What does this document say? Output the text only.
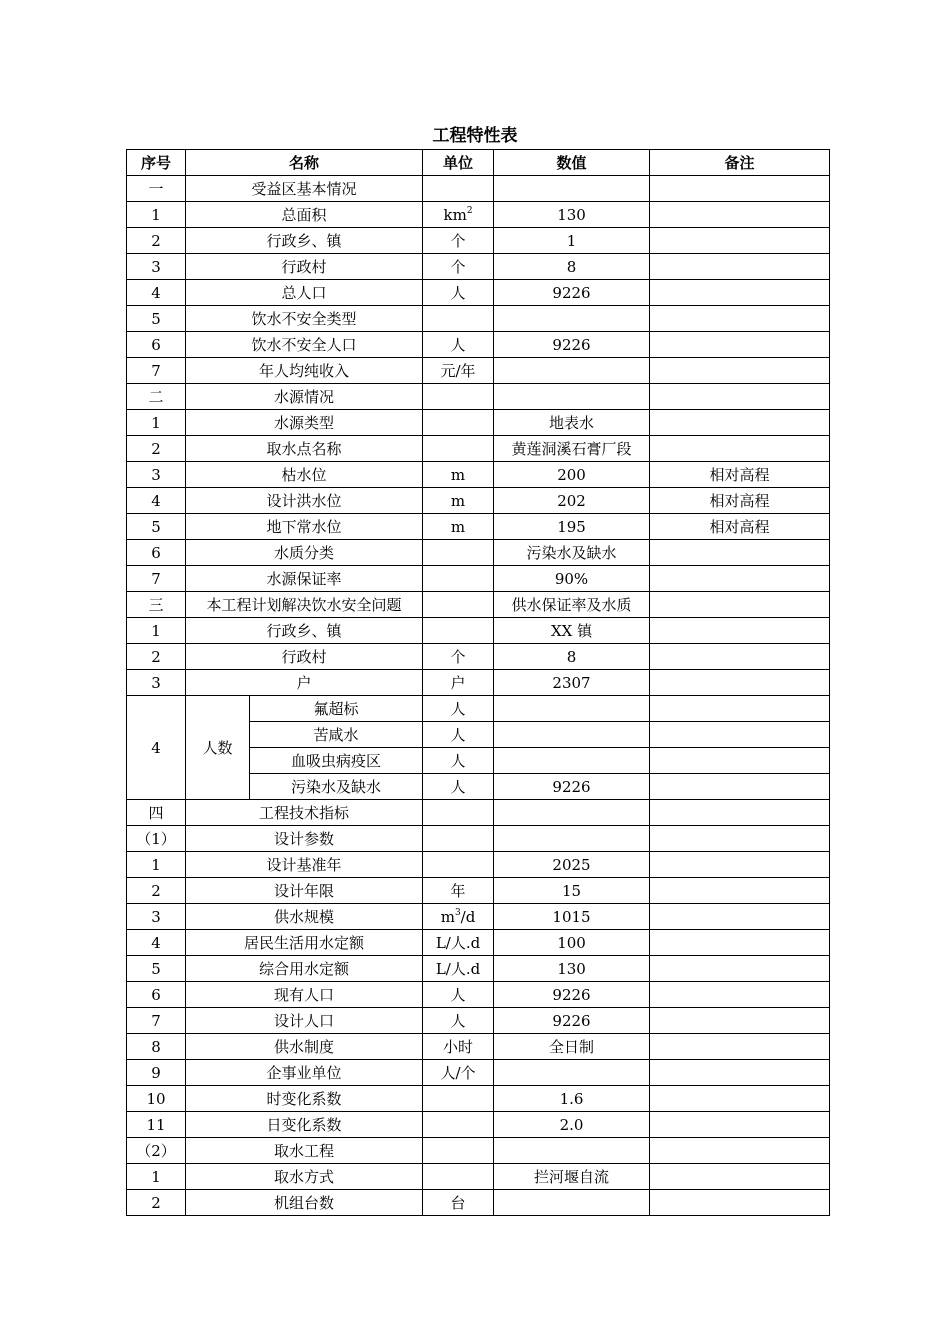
工程特性表
序号	名称		单位	数值	备注
一	受益区基本情况				
1	总面积		$km^2$	130	
2	行政乡、镇		个	1	
3	行政村		个	8	
4	总人口		人	9226	
5	饮水不安全类型				
6	饮水不安全人口		人	9226	
7	年人均纯收入		元/年		
二	水源情况				
1	水源类型			地表水	
2	取水点名称			黄莲洞溪石膏厂段	
3	枯水位		m	200	相对高程
4	设计洪水位		m	202	相对高程
5	地下常水位		m	195	相对高程
6	水质分类			污染水及缺水	
7	水源保证率			90%	
三	本工程计划解决饮水安全问题			供水保证率及水质	
1	行政乡、镇			XX 镇	
2	行政村		个	8	
3	户		户	2307	
4	人数	氟超标	人		
		苦咸水	人		
		血吸虫病疫区	人		
		污染水及缺水	人	9226	
四	工程技术指标				
（1）	设计参数				
1	设计基准年			2025	
2	设计年限		年	15	
3	供水规模		$m^3/d$	1015	
4	居民生活用水定额		L/人.d	100	
5	综合用水定额		L/人.d	130	
6	现有人口		人	9226	
7	设计人口		人	9226	
8	供水制度		小时	全日制	
9	企事业单位		人/个		
10	时变化系数			1.6	
11	日变化系数			2.0	
（2）	取水工程				
1	取水方式			拦河堰自流	
2	机组台数		台		
